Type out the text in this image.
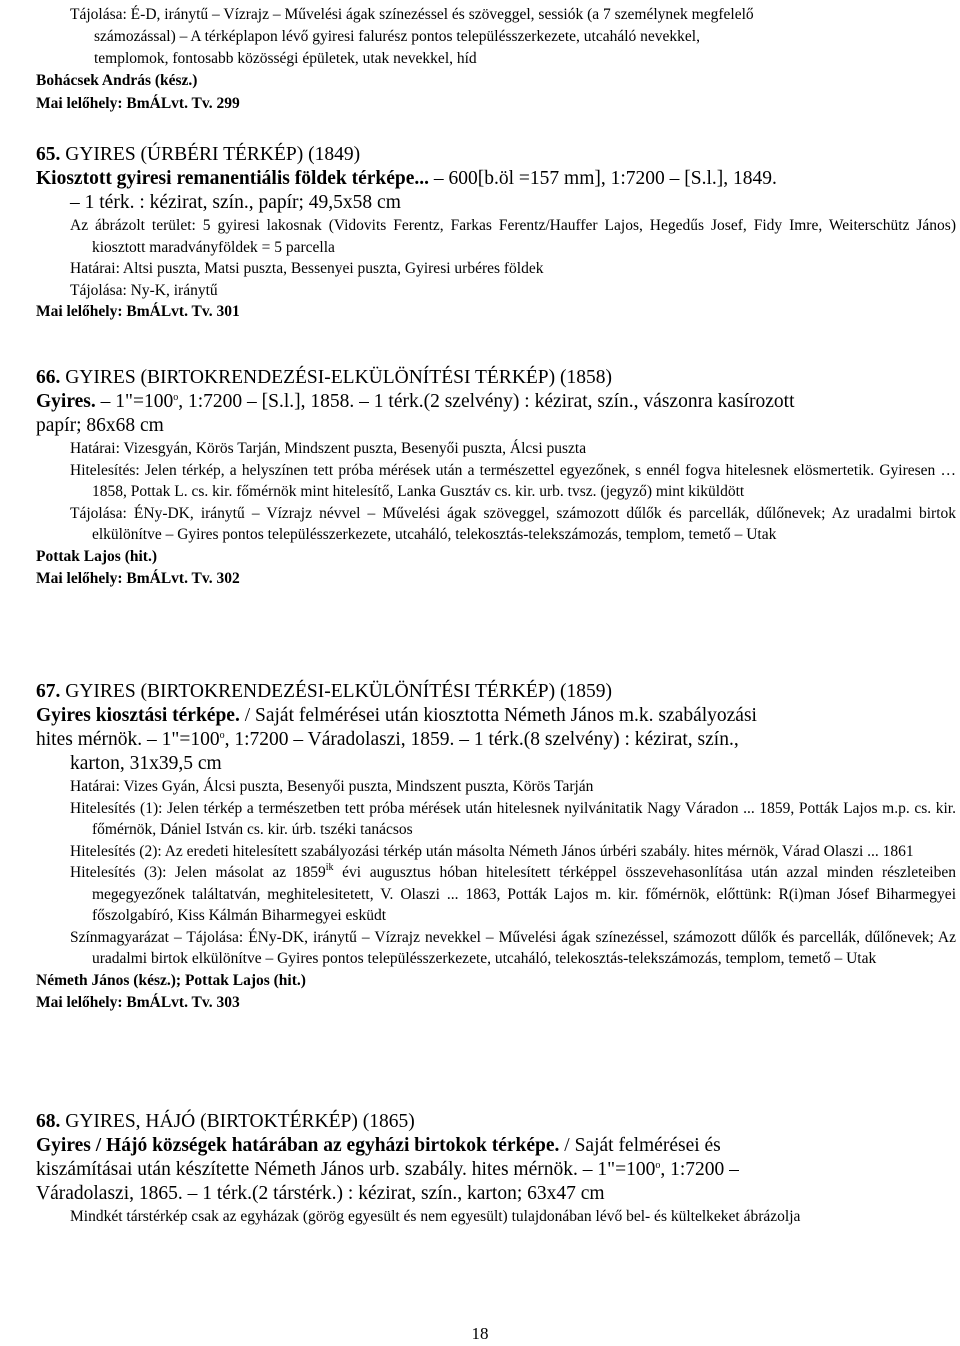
Tájolása: É-D, iránytű – Vízrajz – Művelési ágak színezéssel és szöveggel, sessiók (a 7 személynek megfelelő
számozással) – A térképlapon lévő gyiresi falurész pontos településszerkezete, utcaháló nevekkel,
templomok, fontosabb közösségi épületek, utak nevekkel, híd
Bohácsek András (kész.)
Mai lelőhely: BmÁLvt. Tv. 299
65. GYIRES (ÚRBÉRI TÉRKÉP) (1849)
Kiosztott gyiresi remanentiális földek térképe... – 600[b.öl =157 mm], 1:7200 – [S.l.], 1849.
– 1 térk. : kézirat, szín., papír; 49,5x58 cm
Az ábrázolt terület: 5 gyiresi lakosnak (Vidovits Ferentz, Farkas Ferentz/Hauffer Lajos, Hegedűs Josef, Fidy Imre, Weiterschütz János) kiosztott maradványföldek = 5 parcella
Határai: Altsi puszta, Matsi puszta, Bessenyei puszta, Gyiresi urbéres földek
Tájolása: Ny-K, iránytű
Mai lelőhely: BmÁLvt. Tv. 301
66. GYIRES (BIRTOKRENDEZÉSI-ELKÜLÖNÍTÉSI TÉRKÉP) (1858)
Gyires. – $1"=100^o$, 1:7200 – [S.l.], 1858. – 1 térk.(2 szelvény) : kézirat, szín., vászonra kasírozott
papír; 86x68 cm
Határai: Vizesgyán, Körös Tarján, Mindszent puszta, Besenyői puszta, Álcsi puszta
Hitelesítés: Jelen térkép, a helyszínen tett próba mérések után a természettel egyezőnek, s ennél fogva hitelesnek elösmertetik. Gyiresen … 1858, Pottak L. cs. kir. főmérnök mint hitelesítő, Lanka Gusztáv cs. kir. urb. tvsz. (jegyző) mint kiküldött
Tájolása: ÉNy-DK, iránytű – Vízrajz névvel – Művelési ágak szöveggel, számozott dűlők és parcellák, dűlőnevek; Az uradalmi birtok elkülönítve – Gyires pontos településszerkezete, utcaháló, telekosztás-telekszámozás, templom, temető – Utak
Pottak Lajos (hit.)
Mai lelőhely: BmÁLvt. Tv. 302
67. GYIRES (BIRTOKRENDEZÉSI-ELKÜLÖNÍTÉSI TÉRKÉP) (1859)
Gyires kiosztási térképe. / Saját felmérései után kiosztotta Németh János m.k. szabályozási
hites mérnök. – $1"=100^o$, 1:7200 – Váradolaszi, 1859. – 1 térk.(8 szelvény) : kézirat, szín.,
karton, 31x39,5 cm
Határai: Vizes Gyán, Álcsi puszta, Besenyői puszta, Mindszent puszta, Körös Tarján
Hitelesítés (1): Jelen térkép a természetben tett próba mérések után hitelesnek nyilvánitatik Nagy Váradon ... 1859, Pották Lajos m.p. cs. kir. főmérnök, Dániel István cs. kir. úrb. tszéki tanácsos
Hitelesítés (2): Az eredeti hitelesített szabályozási térkép után másolta Németh János úrbéri szabály. hites mérnök, Várad Olaszi ... 1861
Hitelesítés (3): Jelen másolat az $1859^{ik}$ évi augusztus hóban hitelesített térképpel összevehasonlítása után azzal minden részleteiben megegyezőnek találtatván, meghitelesitetett, V. Olaszi ... 1863, Pották Lajos m. kir. főmérnök, előttünk: R(i)man Jósef Biharmegyei főszolgabíró, Kiss Kálmán Biharmegyei esküdt
Színmagyarázat – Tájolása: ÉNy-DK, iránytű – Vízrajz nevekkel – Művelési ágak színezéssel, számozott dűlők és parcellák, dűlőnevek; Az uradalmi birtok elkülönítve – Gyires pontos településszerkezete, utcaháló, telekosztás-telekszámozás, templom, temető – Utak
Németh János (kész.); Pottak Lajos (hit.)
Mai lelőhely: BmÁLvt. Tv. 303
68. GYIRES, HÁJÓ (BIRTOKTÉRKÉP) (1865)
Gyires / Hájó községek határában az egyházi birtokok térképe. / Saját felmérései és
kiszámításai után készítette Németh János urb. szabály. hites mérnök. – $1"=100^o$, 1:7200 –
Váradolaszi, 1865. – 1 térk.(2 társtérk.) : kézirat, szín., karton; 63x47 cm
Mindkét társtérkép csak az egyházak (görög egyesült és nem egyesült) tulajdonában lévő bel- és kültelkeket ábrázolja
18
